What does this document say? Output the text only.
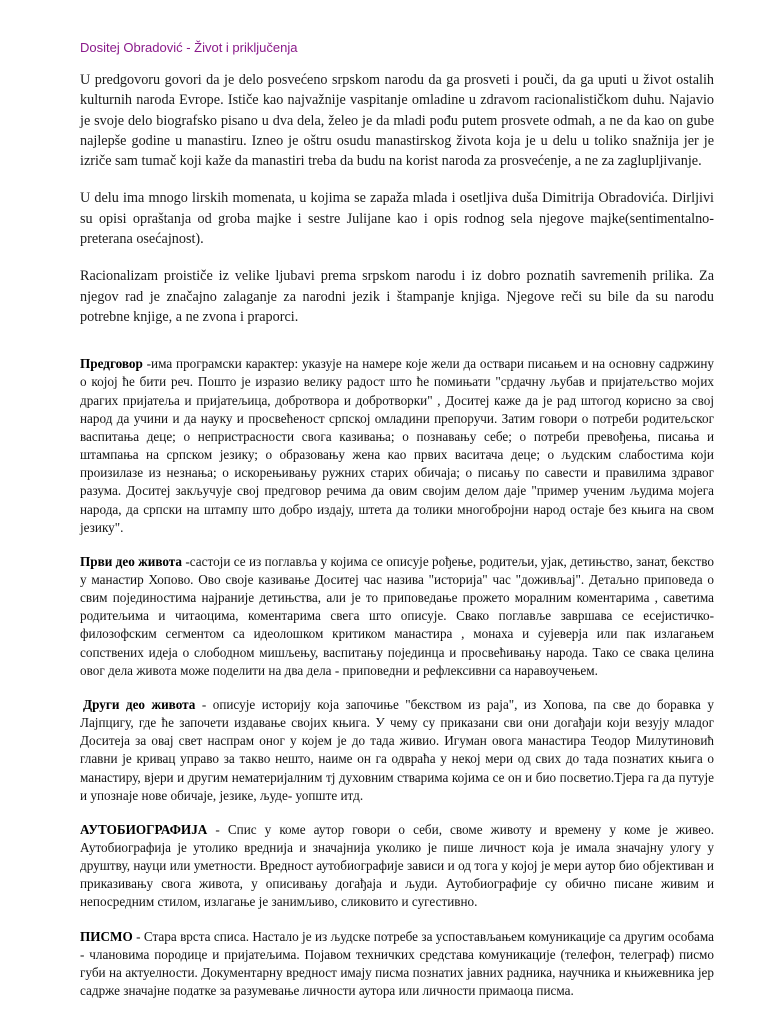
Dositej Obradović - Život i priključenja

U predgovoru govori da je delo posvećeno srpskom narodu da ga prosveti i pouči, da ga uputi u život ostalih kulturnih naroda Evrope. Ističe kao najvažnije vaspitanje omladine u zdravom racionalističkom duhu. Najavio je svoje delo biografsko pisano u dva dela, želeo je da mladi pođu putem prosvete odmah, a ne da kao on gube najlepše godine u manastiru. Izneo je oštru osudu manastirskog života koja je u delu u toliko snažnija jer je izriče sam tumač koji kaže da manastiri treba da budu na korist naroda za prosvećenje, a ne za zaglupljivanje.

U delu ima mnogo lirskih momenata, u kojima se zapaža mlada i osetljiva duša Dimitrija Obradovića. Dirljivi su opisi opraštanja od groba majke i sestre Julijane kao i opis rodnog sela njegove majke(sentimentalno-preterana osećajnost).

Racionalizam proističe iz velike ljubavi prema srpskom narodu i iz dobro poznatih savremenih prilika. Za njegov rad je značajno zalaganje za narodni jezik i štampanje knjiga. Njegove reči su bile da su narodu potrebne knjige, a ne zvona i praporci.

Предговор -има програмски карактер: указује на намере које жели да оствари писањем и на основну садржину о којој ће бити реч. Пошто је изразио велику радост што ће помињати "срдачну љубав и пријатељство мојих драгих пријатеља и пријатељица, добротвора и добротворки" , Доситеј каже да је рад штогод корисно за свој народ да учини и да науку и просвећеност српској омладини препоручи. Затим говори о потреби родитељског васпитања деце; о непристрасности свога казивања; о познавању себе; о потреби превођења, писања и штампања на српском језику; о образовању жена као првих васитача деце; о људским слабостима који произилазе из незнања; о искорењивању ружних старих обичаја; о писању по савести и правилима здравог разума. Доситеј закључује свој предговор речима да овим својим делом даје "пример ученим људима мојега народа, да српски на штампу што добро издају, штета да толики многобројни народ остаје без књига на свом језику".

Први део живота -састоји се из поглавља у којима се описује рођење, родитељи, ујак, детињство, занат, бекство у манастир Хопово. Ово своје казивање Доситеј час назива "историја" час "доживљај". Детаљно приповеда о свим појединостима најраније детињства, али је то приповедање прожето моралним коментарима , саветима родитељима и читаоцима, коментарима свега што описује. Свако поглавље завршава се есејистичко-филозофским сегментом са идеолошком критиком манастира , монаха и сујеверја или пак излагањем сопствених идеја о слободном мишљењу, васпитању појединца и просвећивању народа. Тако се свака целина овог дела живота може поделити на два дела - приповедни и рефлексивни са наравоучењем.

Други део живота - описује историју која започиње "бекством из раја", из Хопова, па све до боравка у Лајпцигу, где ће започети издавање својих књига. У чему су приказани сви они догађаји који везују младог Доситеја за овај свет наспрам оног у којем је до тада живио. Игуман овога манастира Теодор Милутиновић главни је кривац управо за такво нешто, наиме он га одвраћа у некој мери од свих до тада познатих књига о манастиру, вјери и другим нематеријалним тј духовним стварима којима се он и био посветио.Тјера га да путује и упознаје нове обичаје, језике, људе- уопште итд.

АУТОБИОГРАФИЈА - Спис у коме аутор говори о себи, своме животу и времену у коме је живео. Аутобиографија је утолико вреднија и значајнија уколико је пише личност која је имала значајну улогу у друштву, науци или уметности. Вредност аутобиографије зависи и од тога у којој је мери аутор био објективан и приказивању свога живота, у описивању догађаја и људи. Аутобиографије су обично писане живим и непосредним стилом, излагање је занимљиво, сликовито и сугестивно.

ПИСМО - Стара врста списа. Настало је из људске потребе за успостављањем комуникације са другим особама - члановима породице и пријатељима. Појавом техничких средстава комуникације (телефон, телеграф) писмо губи на актуелности. Документарну вредност имају писма познатих јавних радника, научника и књижевника јер садрже значајне податке за разумевање личности аутора или личности примаоца писма.
